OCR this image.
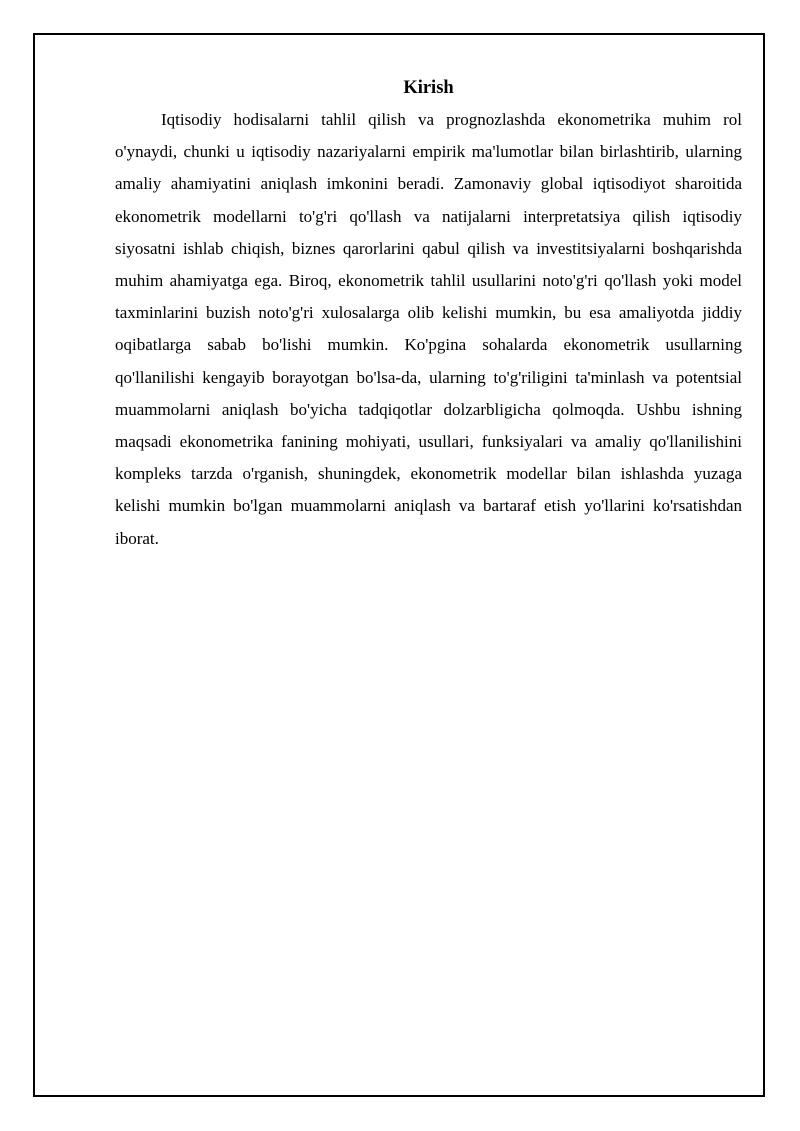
Kirish

Iqtisodiy hodisalarni tahlil qilish va prognozlashda ekonometrika muhim rol o'ynaydi, chunki u iqtisodiy nazariyalarni empirik ma'lumotlar bilan birlashtirib, ularning amaliy ahamiyatini aniqlash imkonini beradi. Zamonaviy global iqtisodiyot sharoitida ekonometrik modellarni to'g'ri qo'llash va natijalarni interpretatsiya qilish iqtisodiy siyosatni ishlab chiqish, biznes qarorlarini qabul qilish va investitsiyalarni boshqarishda muhim ahamiyatga ega. Biroq, ekonometrik tahlil usullarini noto'g'ri qo'llash yoki model taxminlarini buzish noto'g'ri xulosalarga olib kelishi mumkin, bu esa amaliyotda jiddiy oqibatlarga sabab bo'lishi mumkin. Ko'pgina sohalarda ekonometrik usullarning qo'llanilishi kengayib borayotgan bo'lsa-da, ularning to'g'riligini ta'minlash va potentsial muammolarni aniqlash bo'yicha tadqiqotlar dolzarbligicha qolmoqda. Ushbu ishning maqsadi ekonometrika fanining mohiyati, usullari, funksiyalari va amaliy qo'llanilishini kompleks tarzda o'rganish, shuningdek, ekonometrik modellar bilan ishlashda yuzaga kelishi mumkin bo'lgan muammolarni aniqlash va bartaraf etish yo'llarini ko'rsatishdan iborat.
